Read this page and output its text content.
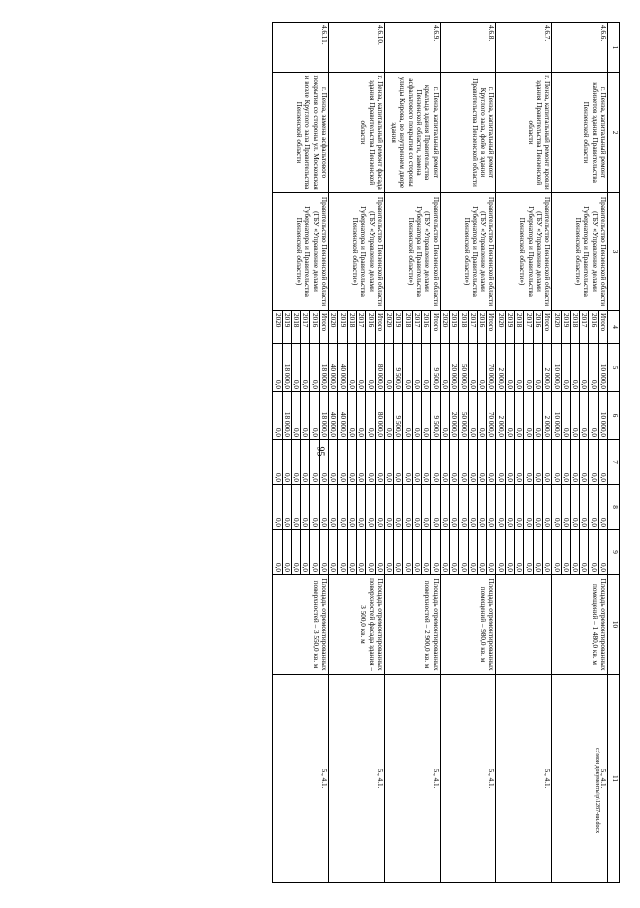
95
1	2	3	4	5	6	7	8	9	10	11
4.6.6.	г. Пенза, капитальный ремонт кабинетов здания Правительства Пензенской области	Правительство Пензенской области (ГБУ «Управление делами Губернатора и Правительства Пензенской области»)	Итого	10 000,0	10 000,0	0,0	0,0	0,0	Площадь отремонтированных помещений – 1 480,0 кв. м	5., 4.1.
			2016	0,0	0,0	0,0	0,0	0,0		
			2017	0,0	0,0	0,0	0,0	0,0		
			2018	0,0	0,0	0,0	0,0	0,0		
			2019	0,0	0,0	0,0	0,0	0,0		
			2020	10 000,0	10 000,0	0,0	0,0	0,0		
4.6.7.	г. Пенза, капитальный ремонт кровли здания Правительства Пензенской области	Правительство Пензенской области (ГБУ «Управление делами Губернатора и Правительства Пензенской области»)	Итого	2 000,0	2 000,0	0,0	0,0	0,0		5., 4.1.
			2016	0,0	0,0	0,0	0,0	0,0		
			2017	0,0	0,0	0,0	0,0	0,0		
			2018	0,0	0,0	0,0	0,0	0,0		
			2019	0,0	0,0	0,0	0,0	0,0		
			2020	2 000,0	2 000,0	0,0	0,0	0,0		
4.6.8.	г. Пенза, капитальный ремонт Круглого зала, фойе в здании Правительства Пензенской области	Правительство Пензенской области (ГБУ «Управление делами Губернатора и Правительства Пензенской области»)	Итого	70 000,0	70 000,0	0,0	0,0	0,0	Площадь отремонтированных помещений – 980,0 кв. м	5., 4.1.
			2016	0,0	0,0	0,0	0,0	0,0		
			2017	0,0	0,0	0,0	0,0	0,0		
			2018	50 000,0	50 000,0	0,0	0,0	0,0		
			2019	20 000,0	20 000,0	0,0	0,0	0,0		
			2020	0,0	0,0	0,0	0,0	0,0		
4.6.9.	г. Пенза, капитальный ремонт крыльца здания Правительства Пензенской области, замена асфальтового покрытия со стороны улицы Кирова, во внутреннем дворе здания	Правительство Пензенской области (ГБУ «Управление делами Губернатора и Правительства Пензенской области»)	Итого	9 500,0	9 500,0	0,0	0,0	0,0	Площадь отремонтированных поверхностей – 2 900,0 кв. м	5., 4.1.
			2016	0,0	0,0	0,0	0,0	0,0		
			2017	0,0	0,0	0,0	0,0	0,0		
			2018	0,0	0,0	0,0	0,0	0,0		
			2019	9 500,0	9 500,0	0,0	0,0	0,0		
			2020	0,0	0,0	0,0	0,0	0,0		
4.6.10.	г. Пенза, капитальный ремонт фасада здания Правительства Пензенской области	Правительство Пензенской области (ГБУ «Управление делами Губернатора и Правительства Пензенской области»)	Итого	80 000,0	80 000,0	0,0	0,0	0,0	Площадь отремонтированных поверхностей фасада здания – 3 500,0 кв. м	5., 4.1.
			2016	0,0	0,0	0,0	0,0	0,0		
			2017	0,0	0,0	0,0	0,0	0,0		
			2018	0,0	0,0	0,0	0,0	0,0		
			2019	40 000,0	40 000,0	0,0	0,0	0,0		
			2020	40 000,0	40 000,0	0,0	0,0	0,0		
4.6.11.	г. Пенза, замена асфальтового покрытия со стороны ул. Московская и возле Круглого зала Правительства Пензенской области	Правительство Пензенской области (ГБУ «Управление делами Губернатора и Правительства Пензенской области»)	Итого	18 000,0	18 000,0	0,0	0,0	0,0	Площадь отремонтированных поверхностей – 3 550,0 кв. м	5., 4.1.
			2016	0,0	0,0	0,0	0,0	0,0		
			2017	0,0	0,0	0,0	0,0	0,0		
			2018	0,0	0,0	0,0	0,0	0,0		
			2019	18 000,0	18 000,0	0,0	0,0	0,0		
			2020	0,0	0,0	0,0	0,0	0,0		
c:\мои документы\p\1287-ви.docx
